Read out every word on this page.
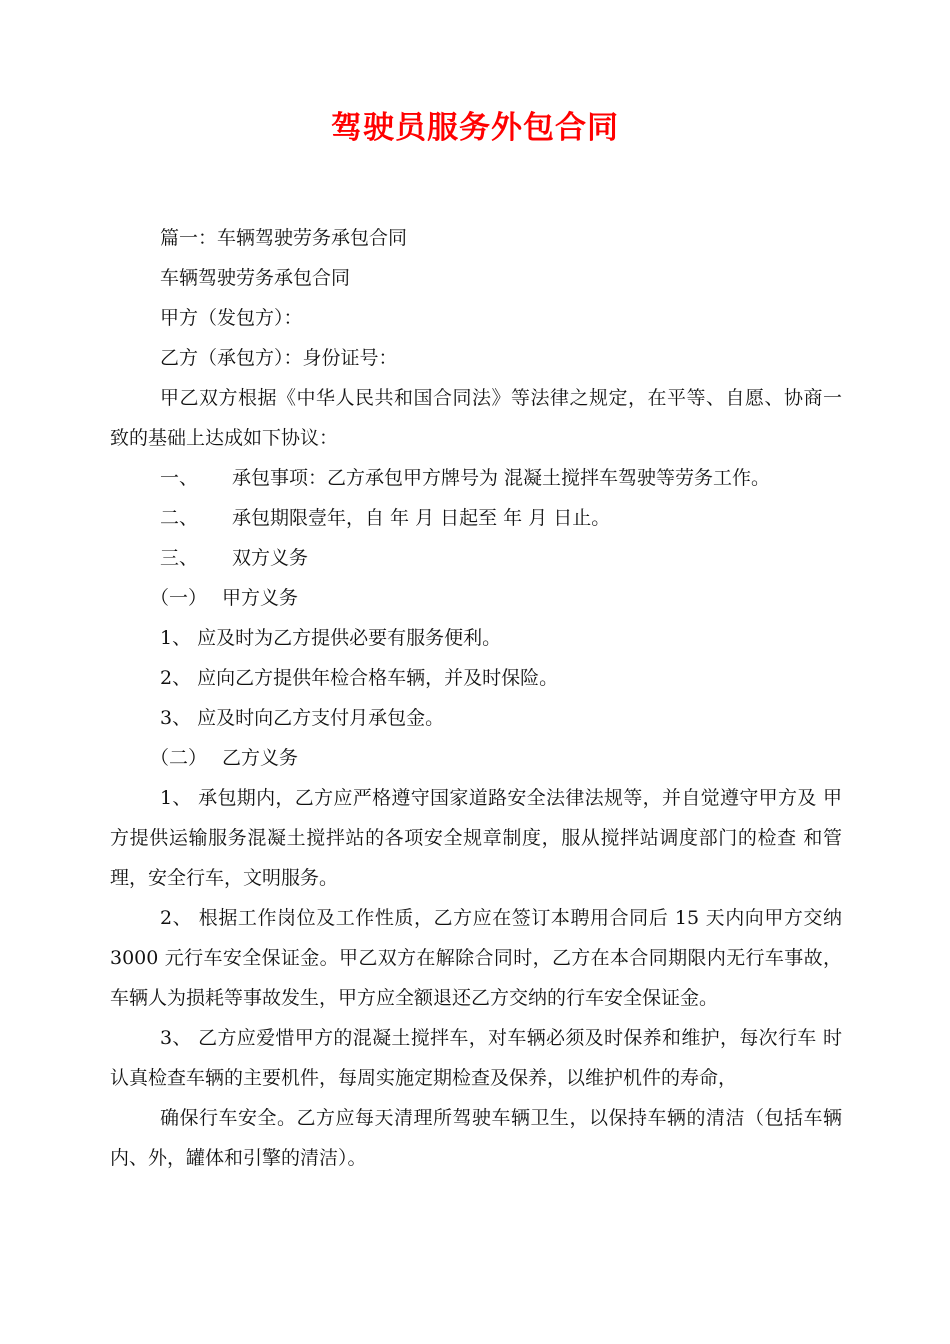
驾驶员服务外包合同

篇一：车辆驾驶劳务承包合同

车辆驾驶劳务承包合同

甲方（发包方）：

乙方（承包方）：身份证号：

甲乙双方根据《中华人民共和国合同法》等法律之规定，在平等、自愿、协商一致的基础上达成如下协议：

一、 承包事项：乙方承包甲方牌号为 混凝土搅拌车驾驶等劳务工作。

二、 承包期限壹年，自 年 月 日起至 年 月 日止。

三、 双方义务

（一） 甲方义务

1、 应及时为乙方提供必要有服务便利。

2、 应向乙方提供年检合格车辆，并及时保险。

3、 应及时向乙方支付月承包金。

（二） 乙方义务

1、 承包期内，乙方应严格遵守国家道路安全法律法规等，并自觉遵守甲方及 甲方提供运输服务混凝土搅拌站的各项安全规章制度，服从搅拌站调度部门的检查 和管理，安全行车，文明服务。

2、 根据工作岗位及工作性质，乙方应在签订本聘用合同后 15 天内向甲方交纳 3000 元行车安全保证金。甲乙双方在解除合同时，乙方在本合同期限内无行车事故，车辆人为损耗等事故发生，甲方应全额退还乙方交纳的行车安全保证金。

3、 乙方应爱惜甲方的混凝土搅拌车，对车辆必须及时保养和维护，每次行车 时认真检查车辆的主要机件，每周实施定期检查及保养，以维护机件的寿命，

确保行车安全。乙方应每天清理所驾驶车辆卫生，以保持车辆的清洁（包括车辆内、外，罐体和引擎的清洁）。
